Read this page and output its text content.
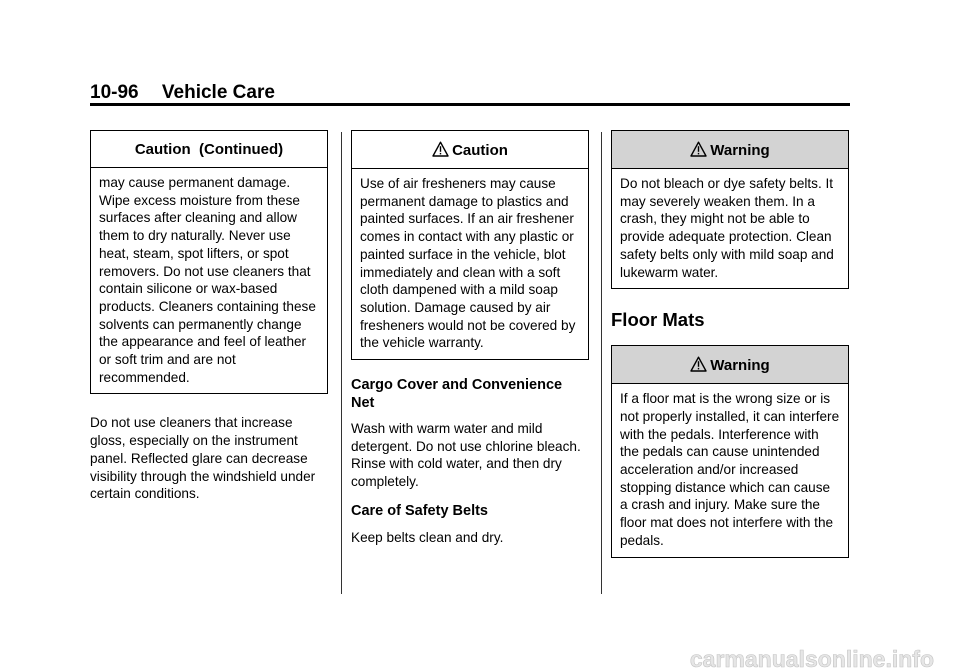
10-96 Vehicle Care
Caution  (Continued)
may cause permanent damage. Wipe excess moisture from these surfaces after cleaning and allow them to dry naturally. Never use heat, steam, spot lifters, or spot removers. Do not use cleaners that contain silicone or wax-based products. Cleaners containing these solvents can permanently change the appearance and feel of leather or soft trim and are not recommended.

Do not use cleaners that increase gloss, especially on the instrument panel. Reflected glare can decrease visibility through the windshield under certain conditions.

Caution
Use of air fresheners may cause permanent damage to plastics and painted surfaces. If an air freshener comes in contact with any plastic or painted surface in the vehicle, blot immediately and clean with a soft cloth dampened with a mild soap solution. Damage caused by air fresheners would not be covered by the vehicle warranty.

Cargo Cover and Convenience Net

Wash with warm water and mild detergent. Do not use chlorine bleach. Rinse with cold water, and then dry completely.

Care of Safety Belts

Keep belts clean and dry.

Warning
Do not bleach or dye safety belts. It may severely weaken them. In a crash, they might not be able to provide adequate protection. Clean safety belts only with mild soap and lukewarm water.

Floor Mats

Warning
If a floor mat is the wrong size or is not properly installed, it can interfere with the pedals. Interference with the pedals can cause unintended acceleration and/or increased stopping distance which can cause a crash and injury. Make sure the floor mat does not interfere with the pedals.
carmanualsonline.info
